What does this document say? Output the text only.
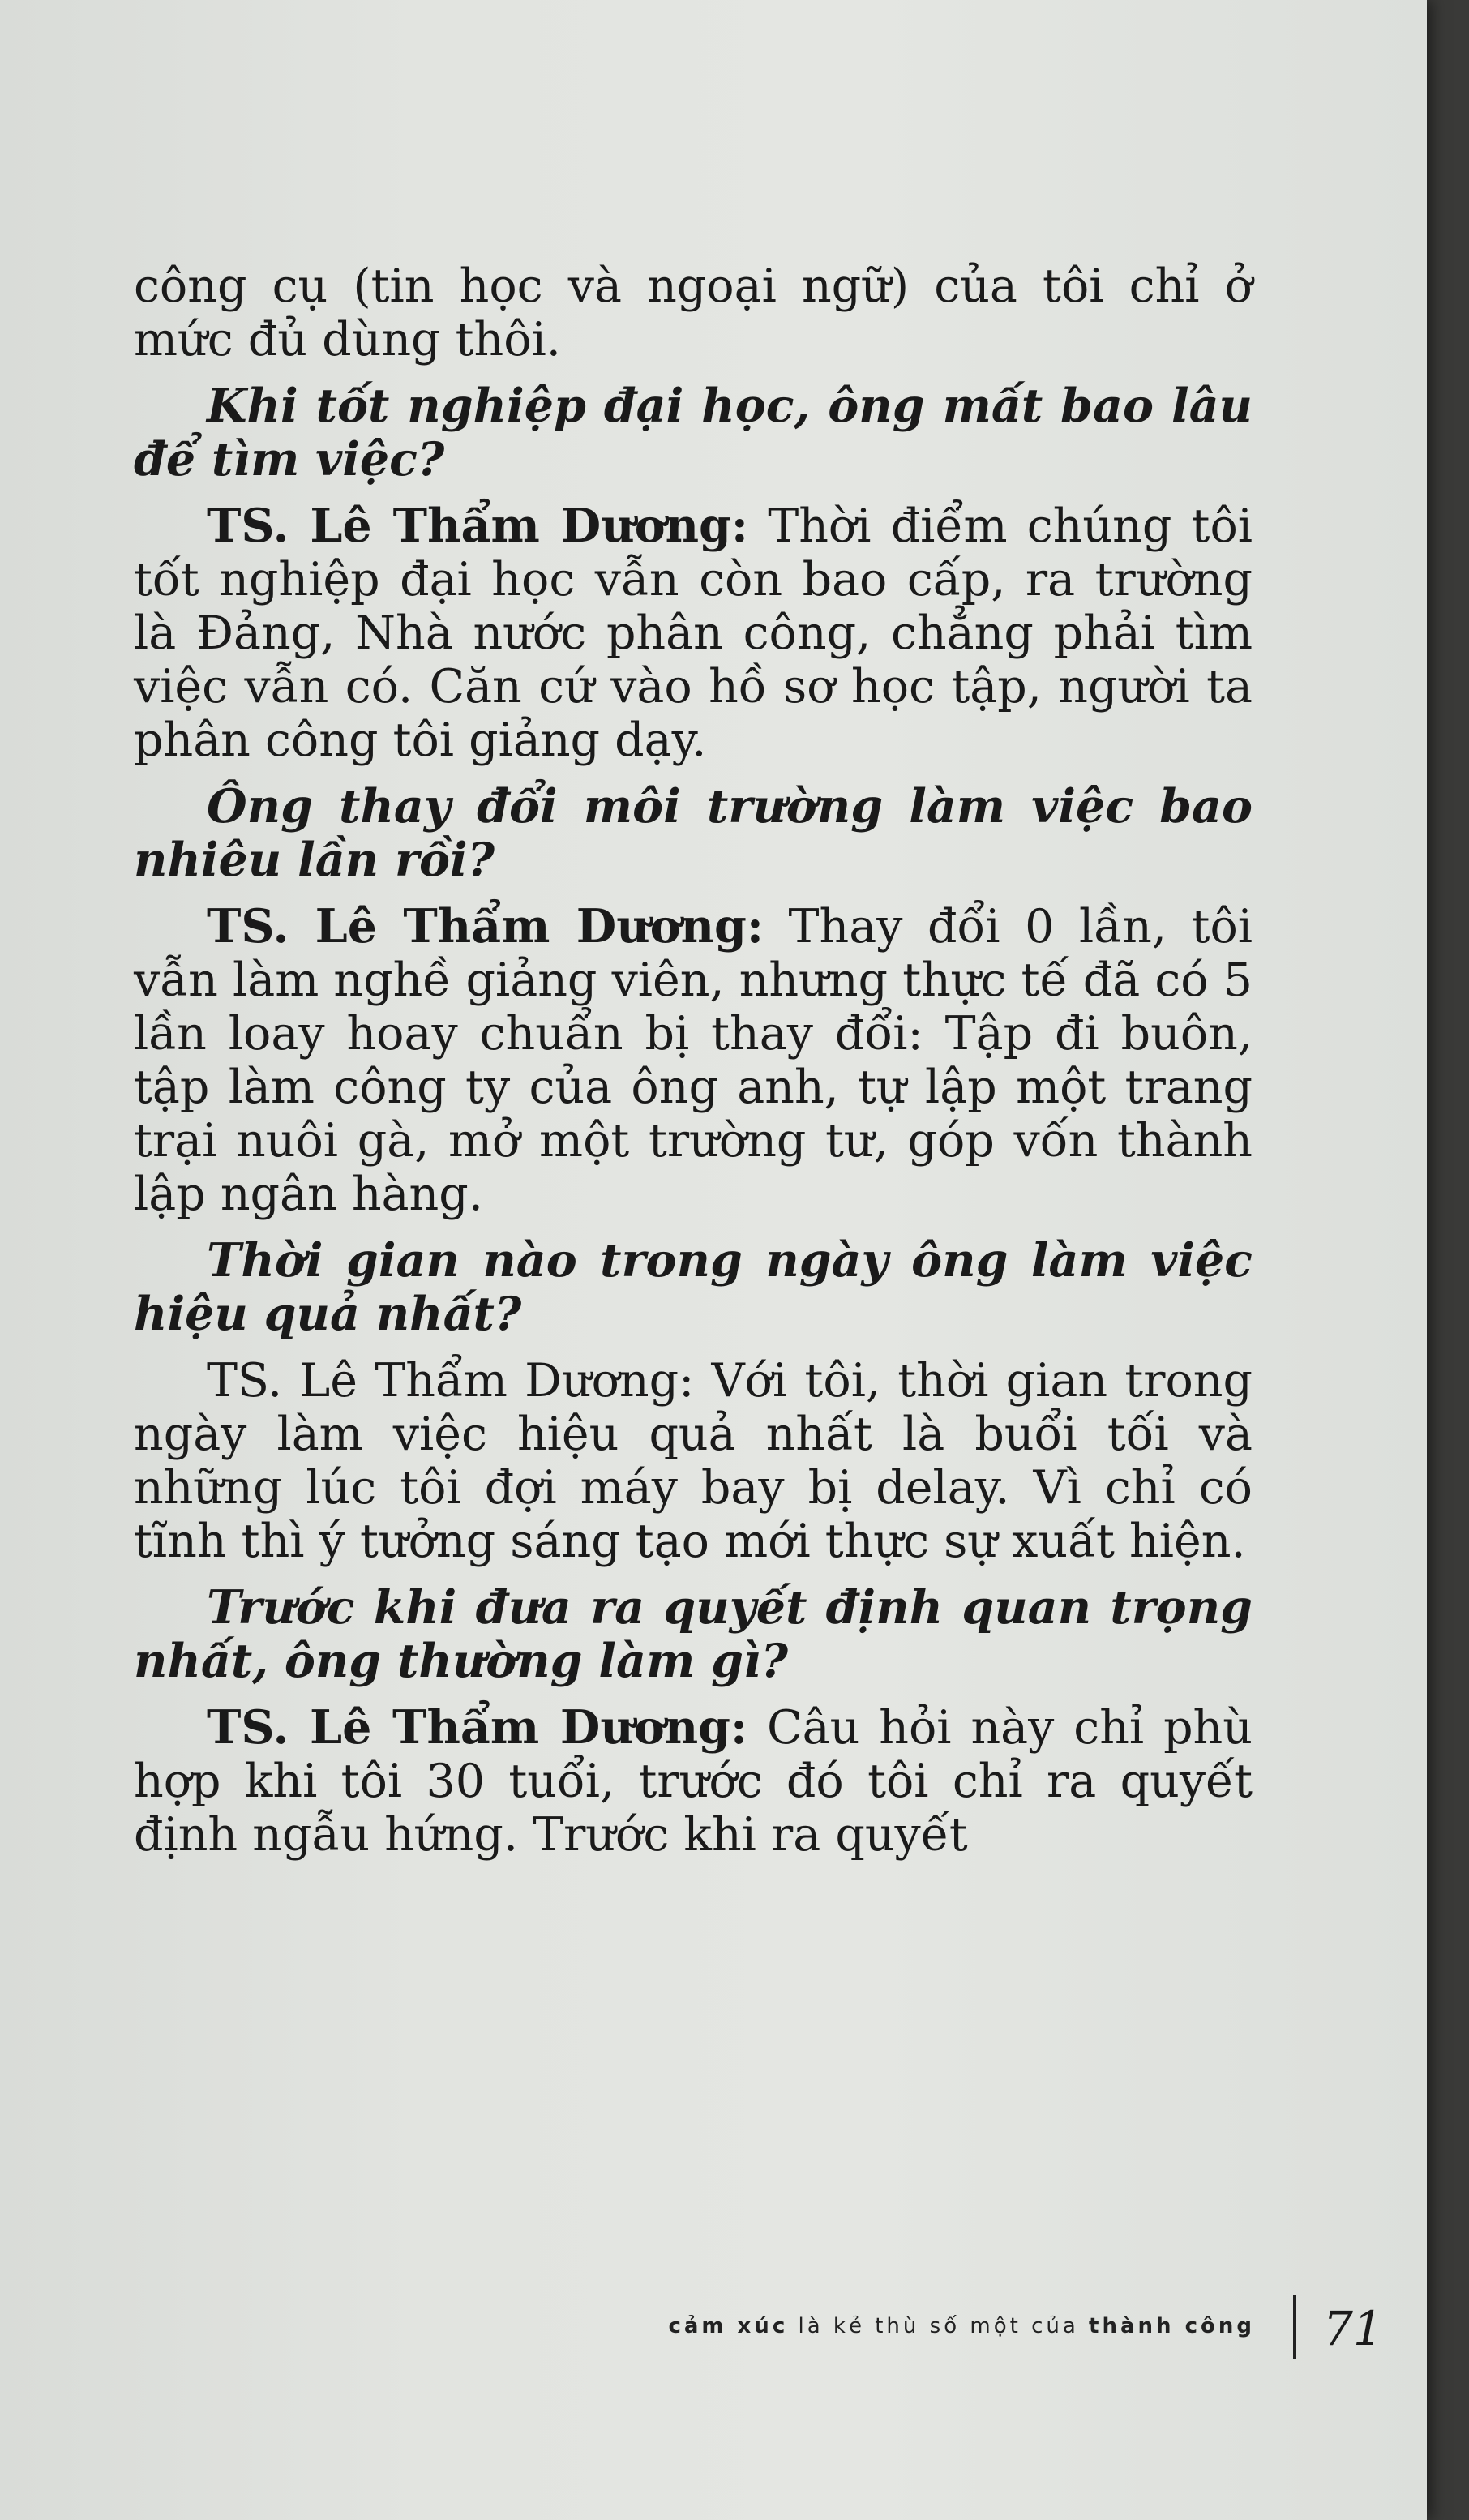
công cụ (tin học và ngoại ngữ) của tôi chỉ ở mức đủ dùng thôi.

Khi tốt nghiệp đại học, ông mất bao lâu để tìm việc?

TS. Lê Thẩm Dương: Thời điểm chúng tôi tốt nghiệp đại học vẫn còn bao cấp, ra trường là Đảng, Nhà nước phân công, chẳng phải tìm việc vẫn có. Căn cứ vào hồ sơ học tập, người ta phân công tôi giảng dạy.

Ông thay đổi môi trường làm việc bao nhiêu lần rồi?

TS. Lê Thẩm Dương: Thay đổi 0 lần, tôi vẫn làm nghề giảng viên, nhưng thực tế đã có 5 lần loay hoay chuẩn bị thay đổi: Tập đi buôn, tập làm công ty của ông anh, tự lập một trang trại nuôi gà, mở một trường tư, góp vốn thành lập ngân hàng.

Thời gian nào trong ngày ông làm việc hiệu quả nhất?

TS. Lê Thẩm Dương: Với tôi, thời gian trong ngày làm việc hiệu quả nhất là buổi tối và những lúc tôi đợi máy bay bị delay. Vì chỉ có tĩnh thì ý tưởng sáng tạo mới thực sự xuất hiện.

Trước khi đưa ra quyết định quan trọng nhất, ông thường làm gì?

TS. Lê Thẩm Dương: Câu hỏi này chỉ phù hợp khi tôi 30 tuổi, trước đó tôi chỉ ra quyết định ngẫu hứng. Trước khi ra quyết

cảm xúc là kẻ thù số một của thành công 71
